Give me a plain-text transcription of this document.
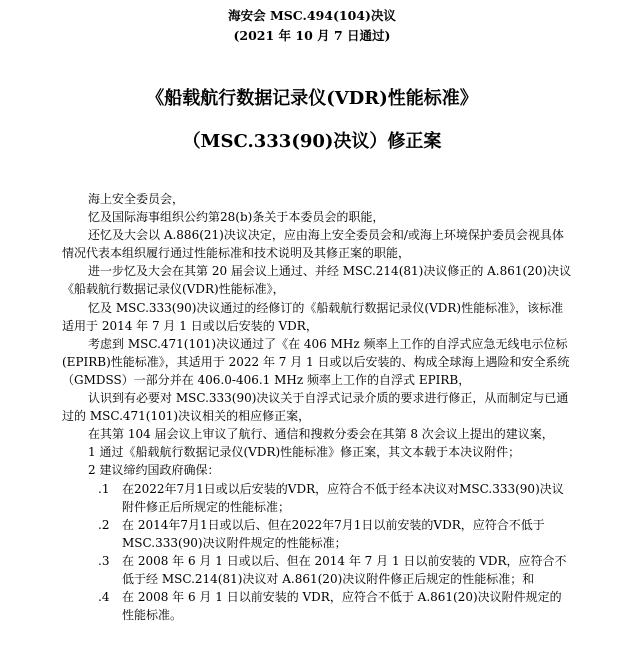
海安会 MSC.494(104)决议
(2021 年 10 月 7 日通过)
《船载航行数据记录仪(VDR)性能标准》
（MSC.333(90)决议）修正案

海上安全委员会，

忆及国际海事组织公约第28(b)条关于本委员会的职能，

还忆及大会以 A.886(21)决议决定，应由海上安全委员会和/或海上环境保护委员会视具体情况代表本组织履行通过性能标准和技术说明及其修正案的职能，

进一步忆及大会在其第 20 届会议上通过、并经 MSC.214(81)决议修正的 A.861(20)决议《船载航行数据记录仪(VDR)性能标准》，

忆及 MSC.333(90)决议通过的经修订的《船载航行数据记录仪(VDR)性能标准》，该标准适用于 2014 年 7 月 1 日或以后安装的 VDR，

考虑到 MSC.471(101)决议通过了《在 406 MHz 频率上工作的自浮式应急无线电示位标(EPIRB)性能标准》，其适用于 2022 年 7 月 1 日或以后安装的、构成全球海上遇险和安全系统（GMDSS）一部分并在 406.0-406.1 MHz 频率上工作的自浮式 EPIRB，

认识到有必要对 MSC.333(90)决议关于自浮式记录介质的要求进行修正，从而制定与已通过的 MSC.471(101)决议相关的相应修正案，

在其第 104 届会议上审议了航行、通信和搜救分委会在其第 8 次会议上提出的建议案，

1 通过《船载航行数据记录仪(VDR)性能标准》修正案，其文本载于本决议附件；

2 建议缔约国政府确保：

.1 在2022年7月1日或以后安装的VDR，应符合不低于经本决议对MSC.333(90)决议附件修正后所规定的性能标准；

.2 在 2014年7月1日或以后、但在2022年7月1日以前安装的VDR，应符合不低于MSC.333(90)决议附件规定的性能标准；

.3 在 2008 年 6 月 1 日或以后、但在 2014 年 7 月 1 日以前安装的 VDR，应符合不低于经 MSC.214(81)决议对 A.861(20)决议附件修正后规定的性能标准；和

.4 在 2008 年 6 月 1 日以前安装的 VDR，应符合不低于 A.861(20)决议附件规定的性能标准。
